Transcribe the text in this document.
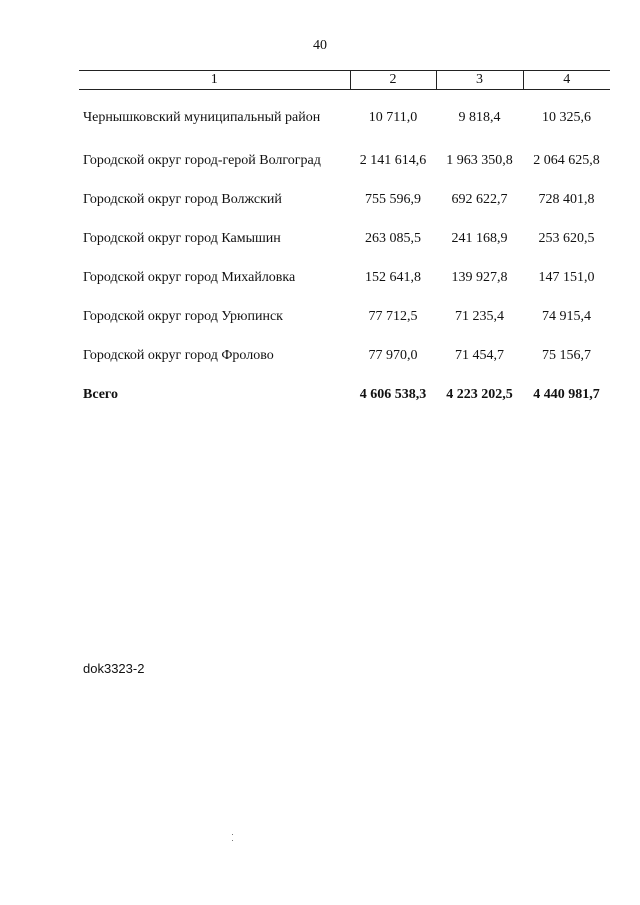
40
1	2	3	4
Чернышковский муниципальный район	10 711,0	9 818,4	10 325,6
Городской округ город-герой Волгоград	2 141 614,6	1 963 350,8	2 064 625,8
Городской округ город Волжский	755 596,9	692 622,7	728 401,8
Городской округ город Камышин	263 085,5	241 168,9	253 620,5
Городской округ город Михайловка	152 641,8	139 927,8	147 151,0
Городской округ город Урюпинск	77 712,5	71 235,4	74 915,4
Городской округ город Фролово	77 970,0	71 454,7	75 156,7
Всего	4 606 538,3	4 223 202,5	4 440 981,7
dok3323-2
